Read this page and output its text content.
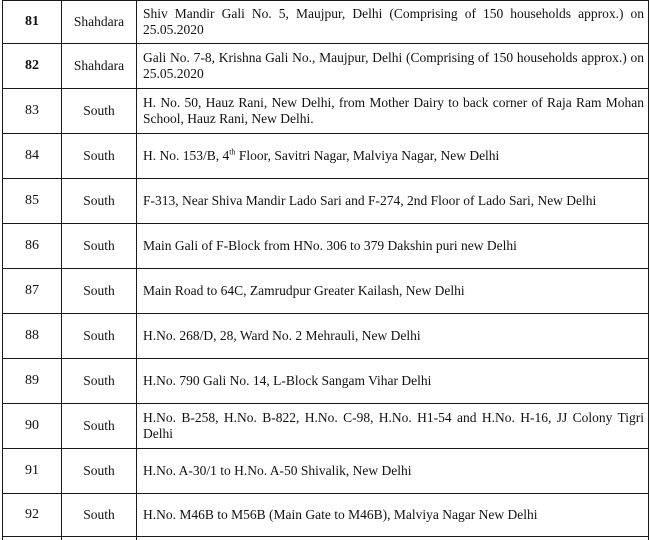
81	Shahdara	Shiv Mandir Gali No. 5, Maujpur, Delhi (Comprising of 150 households approx.) on 25.05.2020
82	Shahdara	Gali No. 7-8, Krishna Gali No., Maujpur, Delhi (Comprising of 150 households approx.) on 25.05.2020
83	South	H. No. 50, Hauz Rani, New Delhi, from Mother Dairy to back corner of Raja Ram Mohan School, Hauz Rani, New Delhi.
84	South	H. No. 153/B, 4th Floor, Savitri Nagar, Malviya Nagar, New Delhi
85	South	F-313, Near Shiva Mandir Lado Sari and F-274, 2nd Floor of Lado Sari, New Delhi
86	South	Main Gali of F-Block from HNo. 306 to 379 Dakshin puri new Delhi
87	South	Main Road to 64C, Zamrudpur Greater Kailash, New Delhi
88	South	H.No. 268/D, 28, Ward No. 2 Mehrauli, New Delhi
89	South	H.No. 790 Gali No. 14, L-Block Sangam Vihar Delhi
90	South	H.No. B-258, H.No. B-822, H.No. C-98, H.No. H1-54 and H.No. H-16, JJ Colony Tigri Delhi
91	South	H.No. A-30/1 to H.No. A-50 Shivalik, New Delhi
92	South	H.No. M46B to M56B (Main Gate to M46B), Malviya Nagar New Delhi
